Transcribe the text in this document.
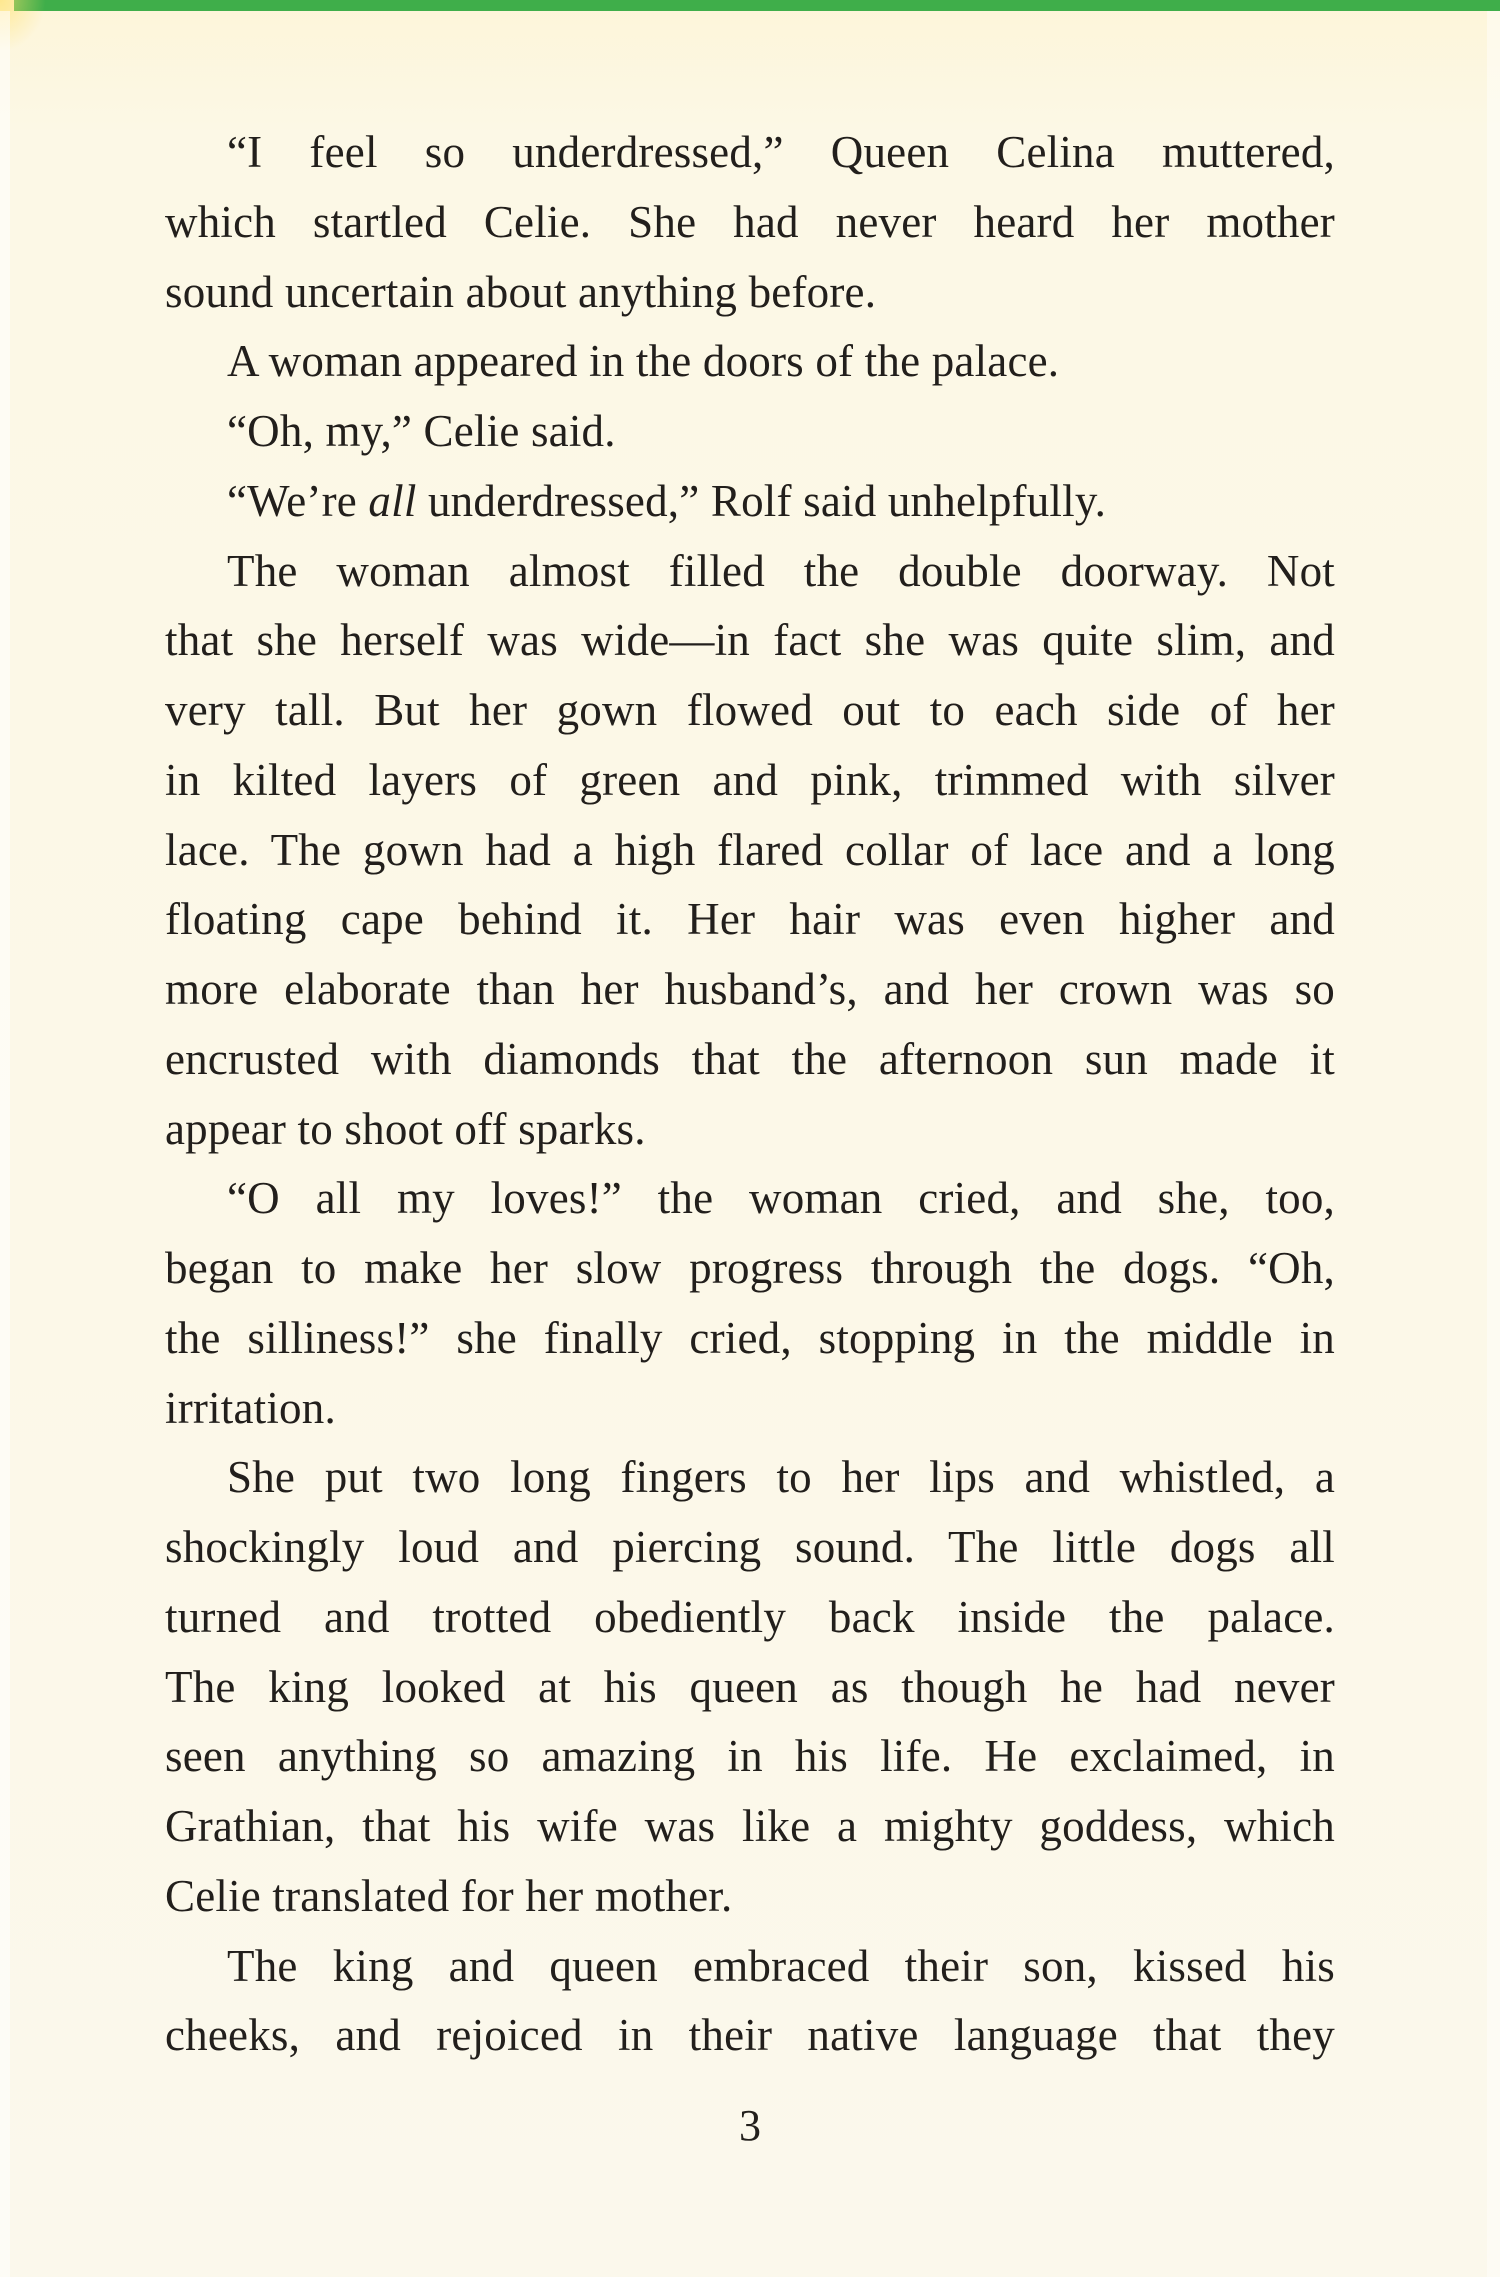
“I feel so underdressed,” Queen Celina muttered,
which startled Celie. She had never heard her mother
sound uncertain about anything before.
A woman appeared in the doors of the palace.
“Oh, my,” Celie said.
“We’re all underdressed,” Rolf said unhelpfully.
The woman almost filled the double doorway. Not
that she herself was wide—in fact she was quite slim, and
very tall. But her gown flowed out to each side of her
in kilted layers of green and pink, trimmed with silver
lace. The gown had a high flared collar of lace and a long
floating cape behind it. Her hair was even higher and
more elaborate than her husband’s, and her crown was so
encrusted with diamonds that the afternoon sun made it
appear to shoot off sparks.
“O all my loves!” the woman cried, and she, too,
began to make her slow progress through the dogs. “Oh,
the silliness!” she finally cried, stopping in the middle in
irritation.
She put two long fingers to her lips and whistled, a
shockingly loud and piercing sound. The little dogs all
turned and trotted obediently back inside the palace.
The king looked at his queen as though he had never
seen anything so amazing in his life. He exclaimed, in
Grathian, that his wife was like a mighty goddess, which
Celie translated for her mother.
The king and queen embraced their son, kissed his
cheeks, and rejoiced in their native language that they
3
